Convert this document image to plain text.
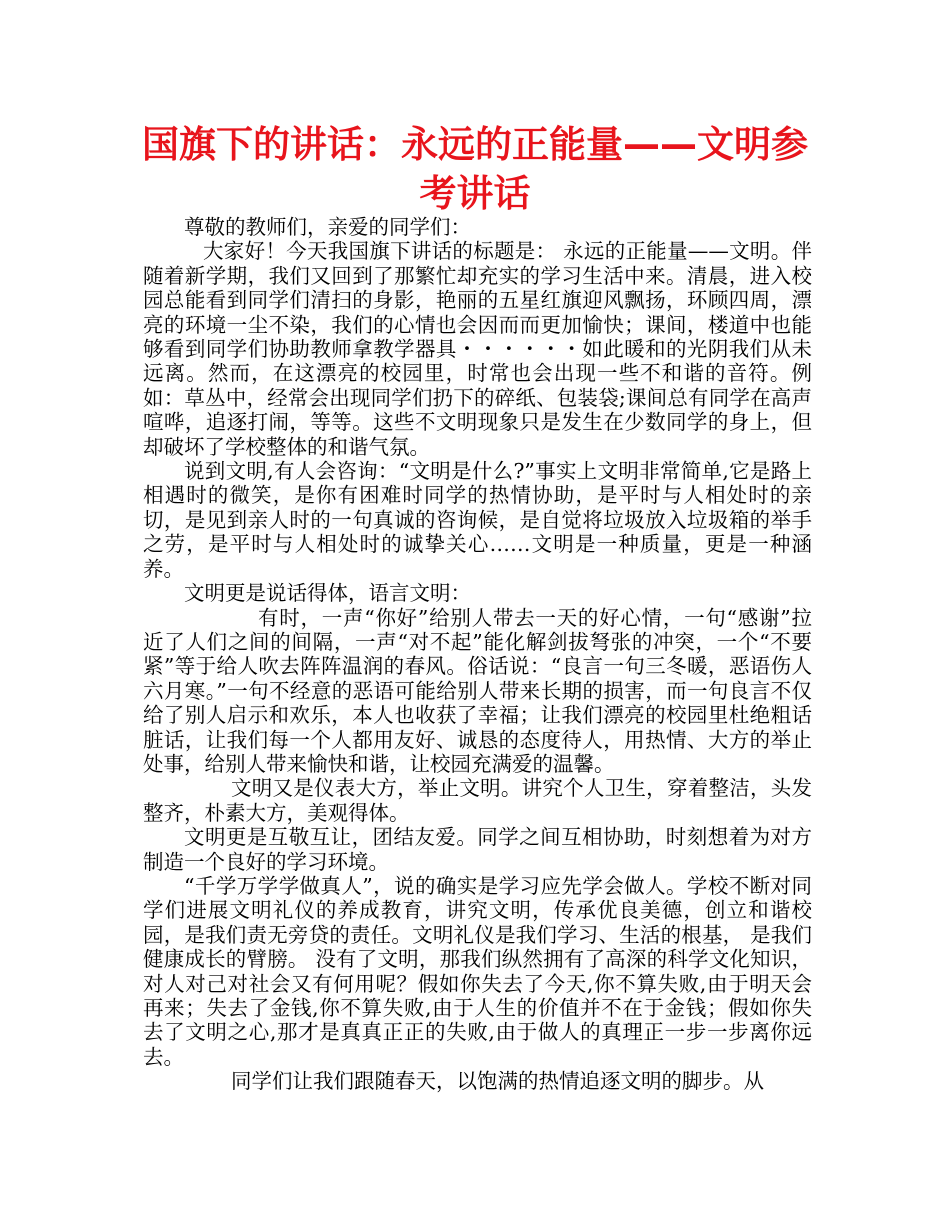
国旗下的讲话：永远的正能量——文明参考讲话

尊敬的教师们，亲爱的同学们：

大家好！今天我国旗下讲话的标题是： 永远的正能量——文明。伴随着新学期，我们又回到了那繁忙却充实的学习生活中来。清晨，进入校园总能看到同学们清扫的身影，艳丽的五星红旗迎风飘扬，环顾四周，漂亮的环境一尘不染，我们的心情也会因而而更加愉快；课间，楼道中也能够看到同学们协助教师拿教学器具・・・・・・如此暖和的光阴我们从未远离。然而，在这漂亮的校园里，时常也会出现一些不和谐的音符。例如：草丛中，经常会出现同学们扔下的碎纸、包装袋;课间总有同学在高声喧哗，追逐打闹，等等。这些不文明现象只是发生在少数同学的身上，但却破坏了学校整体的和谐气氛。

说到文明,有人会咨询：“文明是什么?”事实上文明非常简单,它是路上相遇时的微笑，是你有困难时同学的热情协助，是平时与人相处时的亲切，是见到亲人时的一句真诚的咨询候，是自觉将垃圾放入垃圾箱的举手之劳，是平时与人相处时的诚挚关心……文明是一种质量，更是一种涵养。

文明更是说话得体，语言文明：

有时，一声“你好”给别人带去一天的好心情，一句“感谢”拉近了人们之间的间隔，一声“对不起”能化解剑拔弩张的冲突，一个“不要紧”等于给人吹去阵阵温润的春风。俗话说：“良言一句三冬暖，恶语伤人六月寒。”一句不经意的恶语可能给别人带来长期的损害，而一句良言不仅给了别人启示和欢乐，本人也收获了幸福；让我们漂亮的校园里杜绝粗话脏话，让我们每一个人都用友好、诚恳的态度待人，用热情、大方的举止处事，给别人带来愉快和谐，让校园充满爱的温馨。

文明又是仪表大方，举止文明。讲究个人卫生，穿着整洁，头发整齐，朴素大方，美观得体。

文明更是互敬互让，团结友爱。同学之间互相协助，时刻想着为对方制造一个良好的学习环境。

“千学万学学做真人”，说的确实是学习应先学会做人。学校不断对同学们进展文明礼仪的养成教育，讲究文明，传承优良美德，创立和谐校园，是我们责无旁贷的责任。文明礼仪是我们学习、生活的根基， 是我们健康成长的臂膀。 没有了文明，那我们纵然拥有了高深的科学文化知识，对人对己对社会又有何用呢？假如你失去了今天,你不算失败,由于明天会再来；失去了金钱,你不算失败,由于人生的价值并不在于金钱；假如你失去了文明之心,那才是真真正正的失败,由于做人的真理正一步一步离你远去。

同学们让我们跟随春天，以饱满的热情追逐文明的脚步。从
